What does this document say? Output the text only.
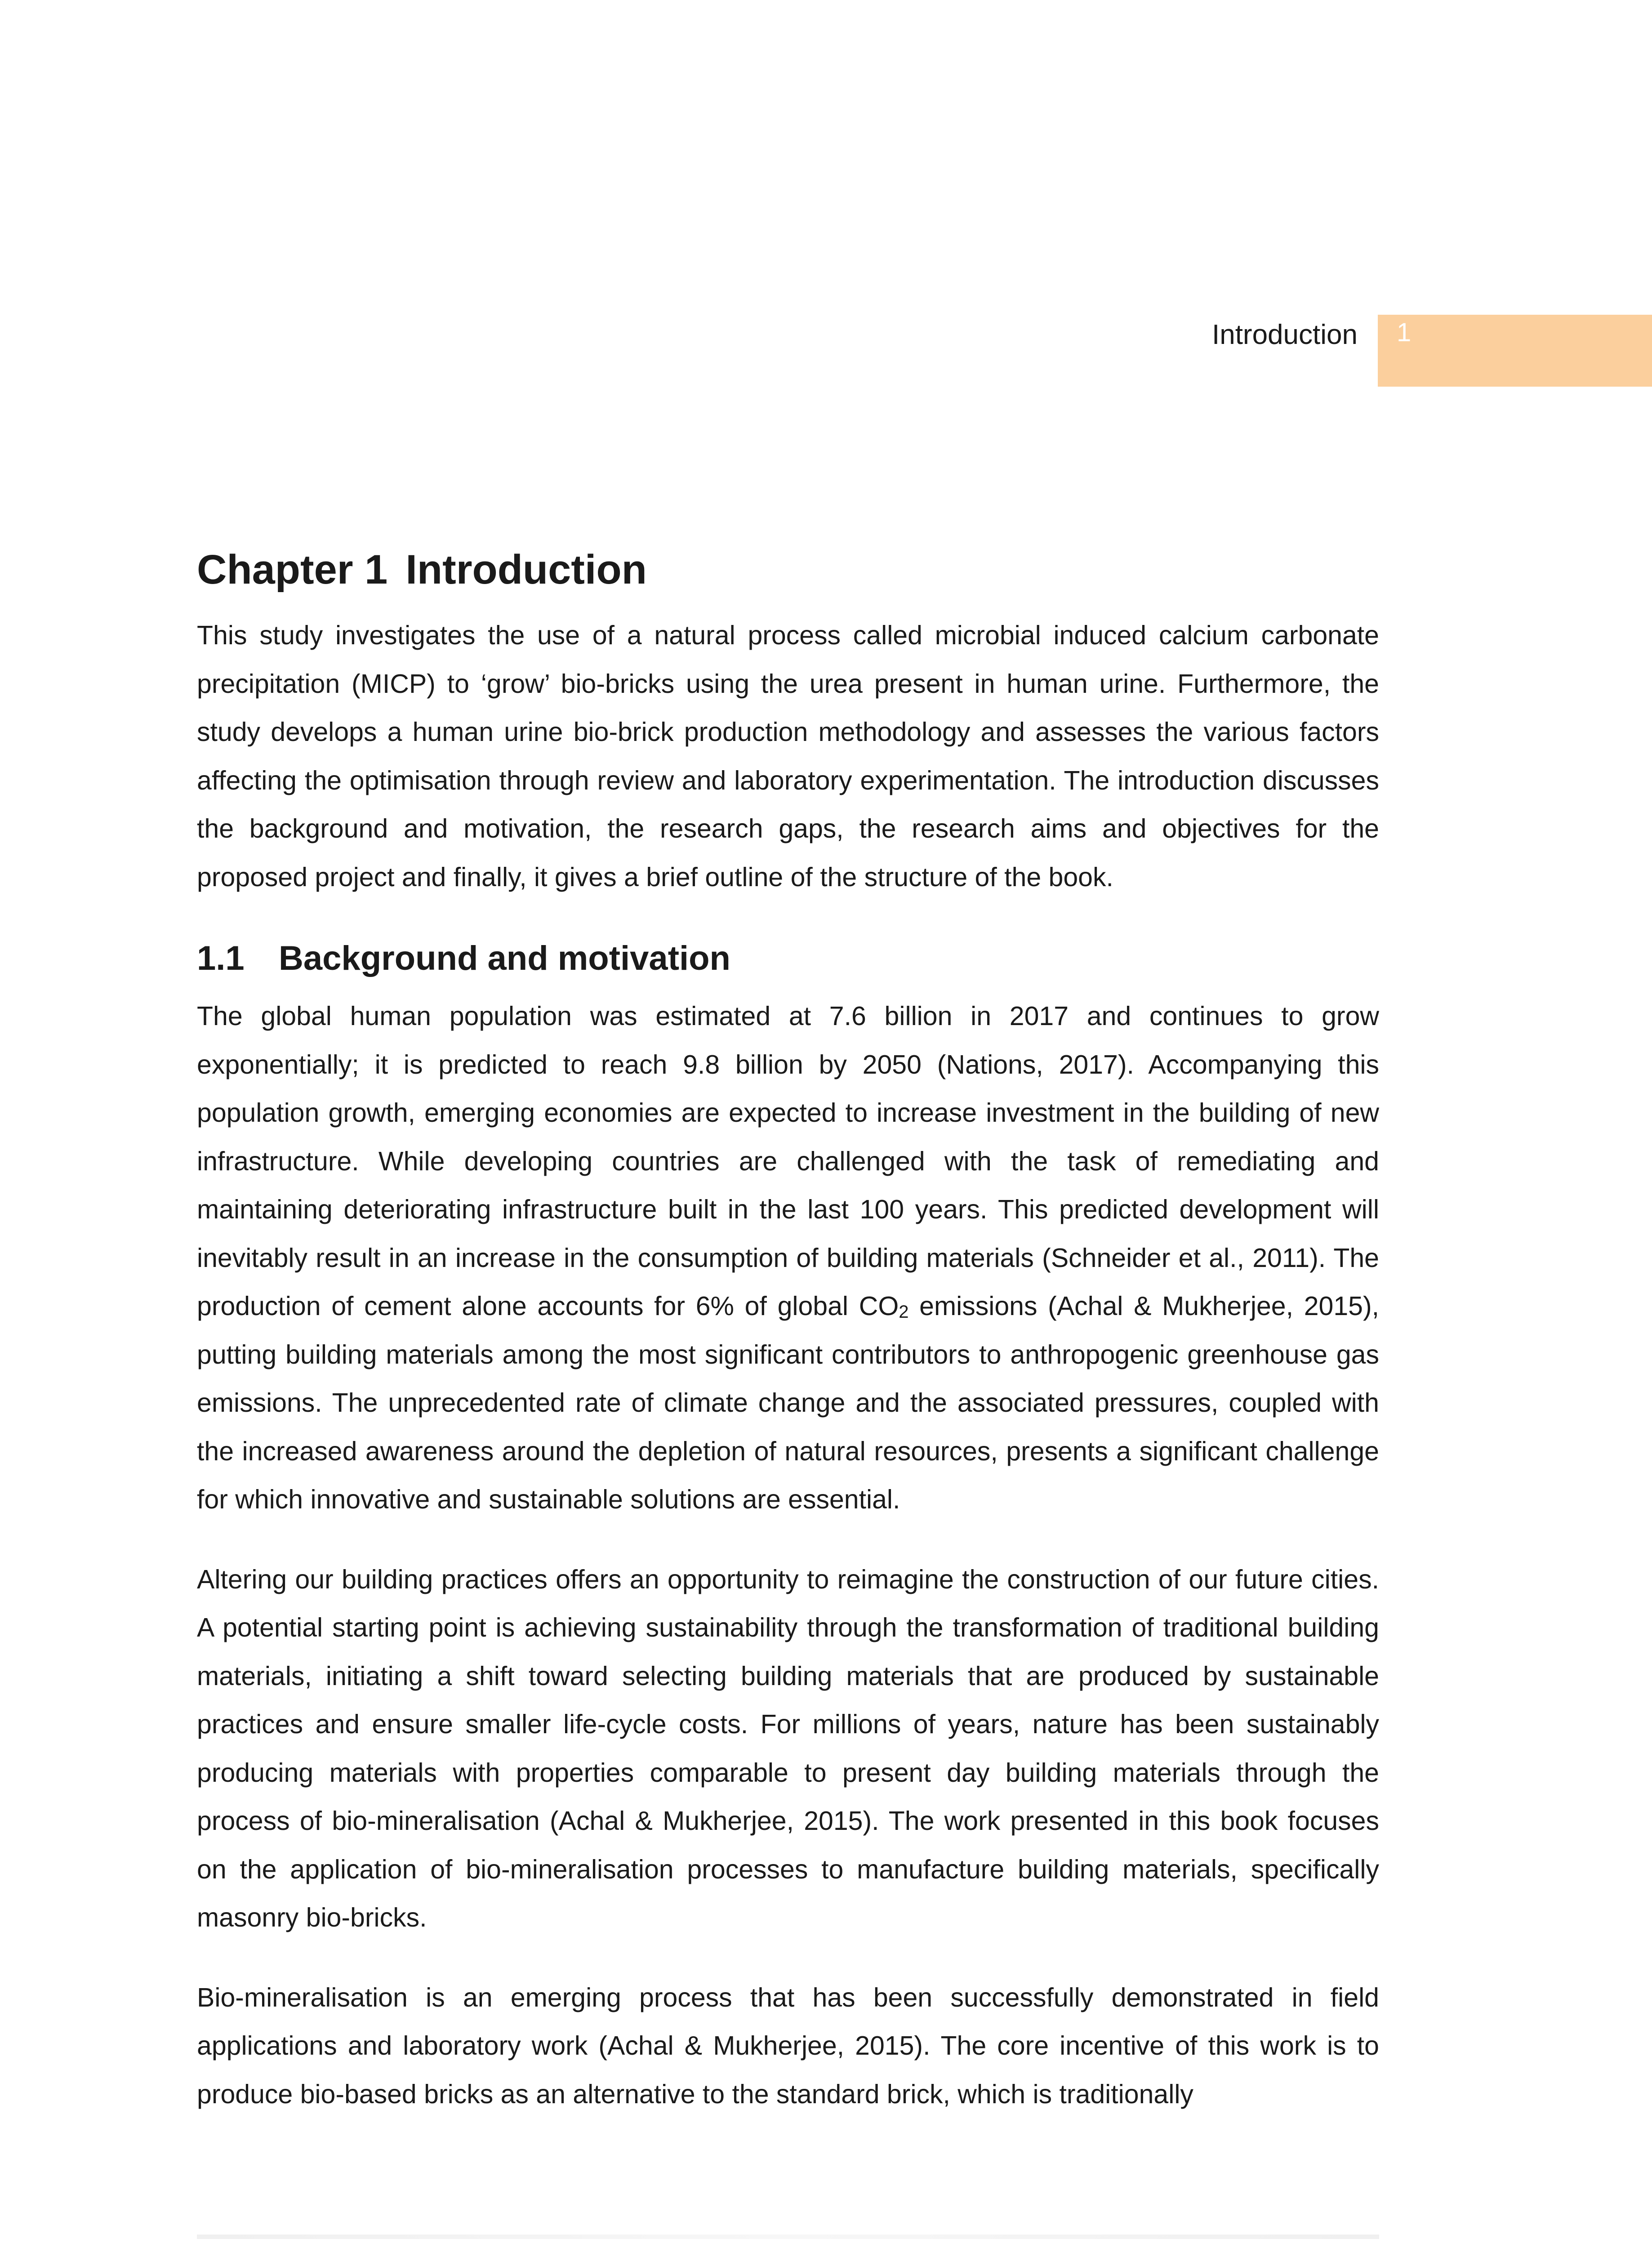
Introduction	1
Chapter 1 Introduction

This study investigates the use of a natural process called microbial induced calcium carbonate precipitation (MICP) to ‘grow’ bio-bricks using the urea present in human urine. Furthermore, the study develops a human urine bio-brick production methodology and assesses the various factors affecting the optimisation through review and laboratory experimentation. The introduction discusses the background and motivation, the research gaps, the research aims and objectives for the proposed project and finally, it gives a brief outline of the structure of the book.

1.1 Background and motivation

The global human population was estimated at 7.6 billion in 2017 and continues to grow exponentially; it is predicted to reach 9.8 billion by 2050 (Nations, 2017). Accompanying this population growth, emerging economies are expected to increase investment in the building of new infrastructure. While developing countries are challenged with the task of remediating and maintaining deteriorating infrastructure built in the last 100 years. This predicted development will inevitably result in an increase in the consumption of building materials (Schneider et al., 2011). The production of cement alone accounts for 6% of global $CO_2$ emissions (Achal & Mukherjee, 2015), putting building materials among the most significant contributors to anthropogenic greenhouse gas emissions. The unprecedented rate of climate change and the associated pressures, coupled with the increased awareness around the depletion of natural resources, presents a significant challenge for which innovative and sustainable solutions are essential.

Altering our building practices offers an opportunity to reimagine the construction of our future cities. A potential starting point is achieving sustainability through the transformation of traditional building materials, initiating a shift toward selecting building materials that are produced by sustainable practices and ensure smaller life-cycle costs. For millions of years, nature has been sustainably producing materials with properties comparable to present day building materials through the process of bio-mineralisation (Achal & Mukherjee, 2015). The work presented in this book focuses on the application of bio-mineralisation processes to manufacture building materials, specifically masonry bio-bricks.

Bio-mineralisation is an emerging process that has been successfully demonstrated in field applications and laboratory work (Achal & Mukherjee, 2015). The core incentive of this work is to produce bio-based bricks as an alternative to the standard brick, which is traditionally
